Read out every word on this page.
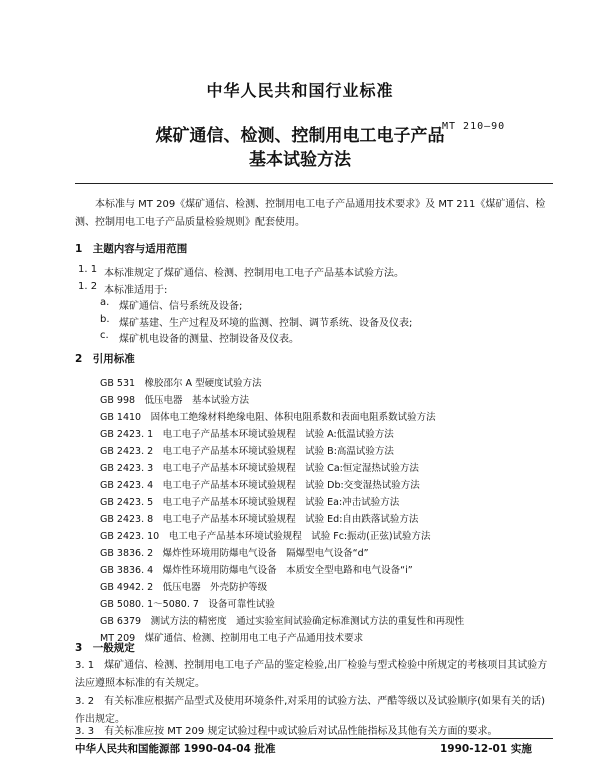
中华人民共和国行业标准
煤矿通信、检测、控制用电工电子产品
MT 210—90
基本试验方法
本标准与 MT 209《煤矿通信、检测、控制用电工电子产品通用技术要求》及 MT 211《煤矿通信、检测、控制用电工电子产品质量检验规则》配套使用。
1　主题内容与适用范围
1. 1 本标准规定了煤矿通信、检测、控制用电工电子产品基本试验方法。
1. 2 本标准适用于:
a. 煤矿通信、信号系统及设备;
b. 煤矿基建、生产过程及环境的监测、控制、调节系统、设备及仪表;
c. 煤矿机电设备的测量、控制设备及仪表。
2　引用标准
GB 531　橡胶邵尔 A 型硬度试验方法
GB 998　低压电器　基本试验方法
GB 1410　固体电工绝缘材料绝缘电阻、体积电阻系数和表面电阻系数试验方法
GB 2423. 1　电工电子产品基本环境试验规程　试验 A:低温试验方法
GB 2423. 2　电工电子产品基本环境试验规程　试验 B:高温试验方法
GB 2423. 3　电工电子产品基本环境试验规程　试验 Ca:恒定湿热试验方法
GB 2423. 4　电工电子产品基本环境试验规程　试验 Db:交变湿热试验方法
GB 2423. 5　电工电子产品基本环境试验规程　试验 Ea:冲击试验方法
GB 2423. 8　电工电子产品基本环境试验规程　试验 Ed:自由跌落试验方法
GB 2423. 10　电工电子产品基本环境试验规程　试验 Fc:振动(正弦)试验方法
GB 3836. 2　爆炸性环境用防爆电气设备　隔爆型电气设备“d”
GB 3836. 4　爆炸性环境用防爆电气设备　本质安全型电路和电气设备“i”
GB 4942. 2　低压电器　外壳防护等级
GB 5080. 1～5080. 7　设备可靠性试验
GB 6379　测试方法的精密度　通过实验室间试验确定标准测试方法的重复性和再现性
MT 209　煤矿通信、检测、控制用电工电子产品通用技术要求
3　一般规定
3. 1　煤矿通信、检测、控制用电工电子产品的鉴定检验,出厂检验与型式检验中所规定的考核项目其试验方法应遵照本标准的有关规定。
3. 2　有关标准应根据产品型式及使用环境条件,对采用的试验方法、严酷等级以及试验顺序(如果有关的话)作出规定。
3. 3　有关标准应按 MT 209 规定试验过程中或试验后对试品性能指标及其他有关方面的要求。
中华人民共和国能源部 1990-04-04 批准	1990-12-01 实施
